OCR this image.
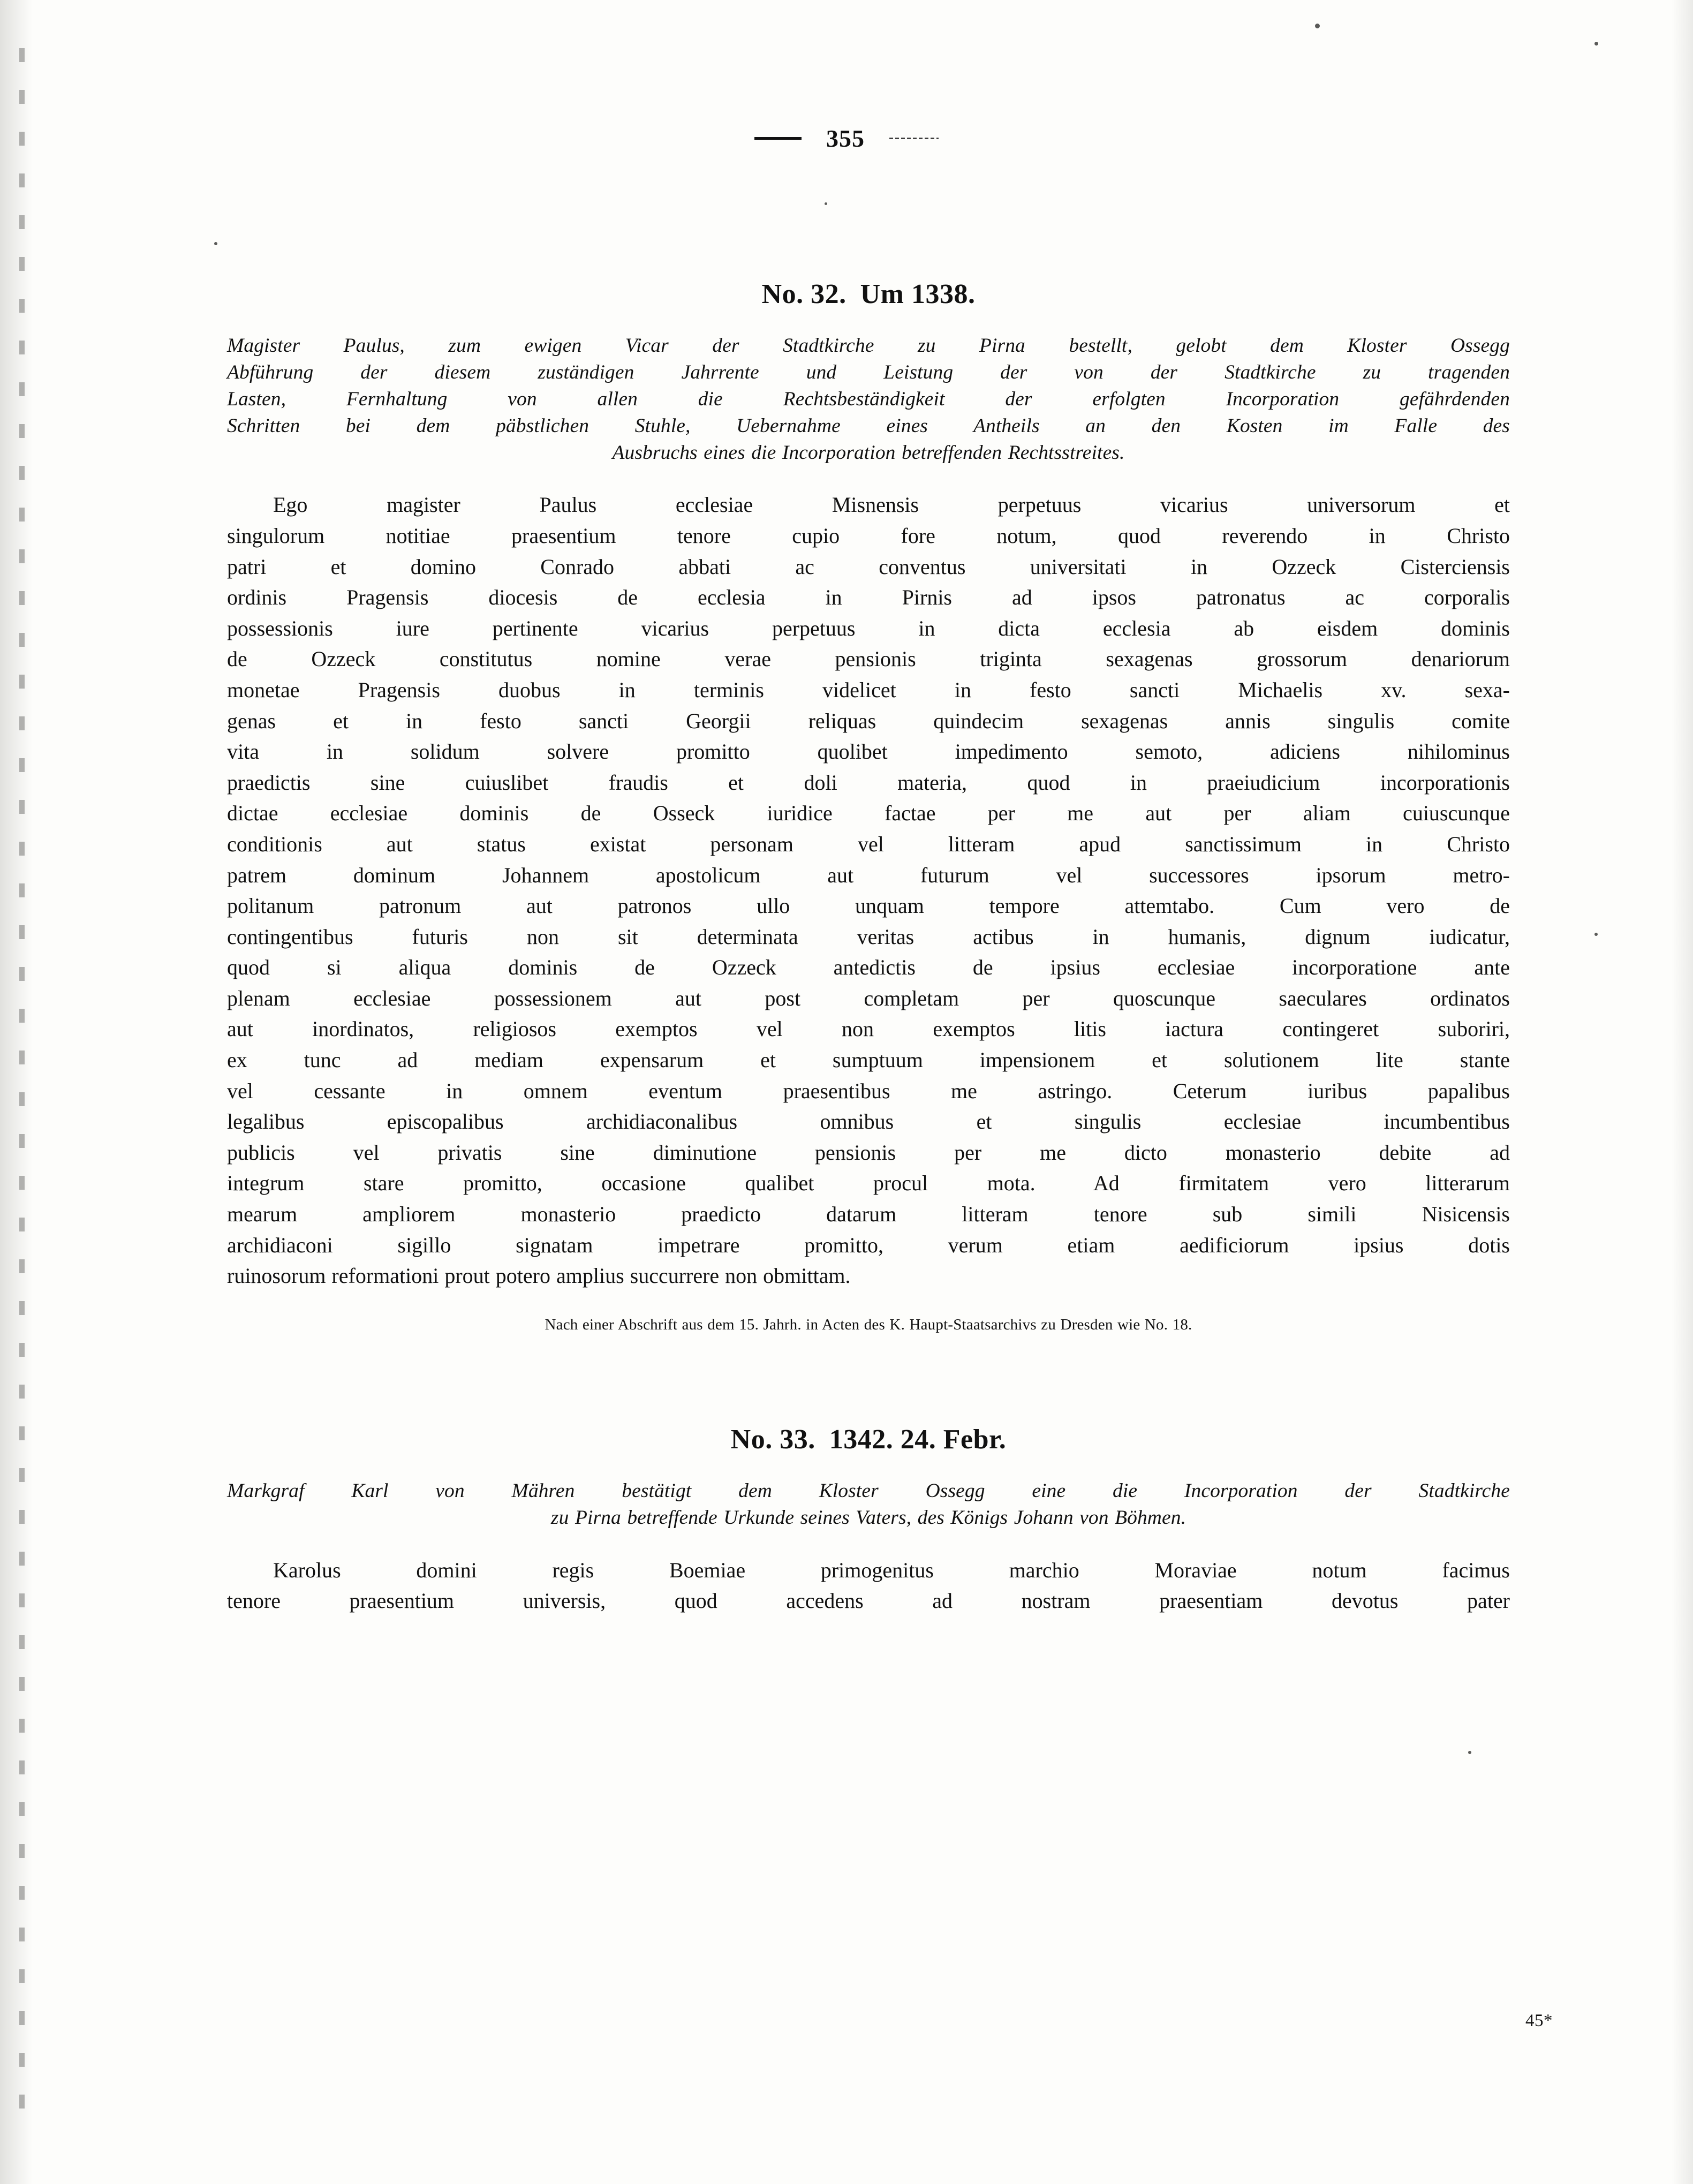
355
No. 32. Um 1338.
Magister Paulus, zum ewigen Vicar der Stadtkirche zu Pirna bestellt, gelobt dem Kloster Ossegg
Abführung der diesem zuständigen Jahrrente und Leistung der von der Stadtkirche zu tragenden
Lasten, Fernhaltung von allen die Rechtsbeständigkeit der erfolgten Incorporation gefährdenden
Schritten bei dem päbstlichen Stuhle, Uebernahme eines Antheils an den Kosten im Falle des
Ausbruchs eines die Incorporation betreffenden Rechtsstreites.
Ego magister Paulus ecclesiae Misnensis perpetuus vicarius universorum et
singulorum notitiae praesentium tenore cupio fore notum, quod reverendo in Christo
patri et domino Conrado abbati ac conventus universitati in Ozzeck Cisterciensis
ordinis Pragensis diocesis de ecclesia in Pirnis ad ipsos patronatus ac corporalis
possessionis iure pertinente vicarius perpetuus in dicta ecclesia ab eisdem dominis
de Ozzeck constitutus nomine verae pensionis triginta sexagenas grossorum denariorum
monetae Pragensis duobus in terminis videlicet in festo sancti Michaelis xv. sexa-
genas et in festo sancti Georgii reliquas quindecim sexagenas annis singulis comite
vita in solidum solvere promitto quolibet impedimento semoto, adiciens nihilominus
praedictis sine cuiuslibet fraudis et doli materia, quod in praeiudicium incorporationis
dictae ecclesiae dominis de Osseck iuridice factae per me aut per aliam cuiuscunque
conditionis aut status existat personam vel litteram apud sanctissimum in Christo
patrem dominum Johannem apostolicum aut futurum vel successores ipsorum metro-
politanum patronum aut patronos ullo unquam tempore attemtabo. Cum vero de
contingentibus futuris non sit determinata veritas actibus in humanis, dignum iudicatur,
quod si aliqua dominis de Ozzeck antedictis de ipsius ecclesiae incorporatione ante
plenam ecclesiae possessionem aut post completam per quoscunque saeculares ordinatos
aut inordinatos, religiosos exemptos vel non exemptos litis iactura contingeret suboriri,
ex tunc ad mediam expensarum et sumptuum impensionem et solutionem lite stante
vel cessante in omnem eventum praesentibus me astringo. Ceterum iuribus papalibus
legalibus episcopalibus archidiaconalibus omnibus et singulis ecclesiae incumbentibus
publicis vel privatis sine diminutione pensionis per me dicto monasterio debite ad
integrum stare promitto, occasione qualibet procul mota. Ad firmitatem vero litterarum
mearum ampliorem monasterio praedicto datarum litteram tenore sub simili Nisicensis
archidiaconi sigillo signatam impetrare promitto, verum etiam aedificiorum ipsius dotis
ruinosorum reformationi prout potero amplius succurrere non obmittam.

Nach einer Abschrift aus dem 15. Jahrh. in Acten des K. Haupt-Staatsarchivs zu Dresden wie No. 18.

No. 33. 1342. 24. Febr.
Markgraf Karl von Mähren bestätigt dem Kloster Ossegg eine die Incorporation der Stadtkirche
zu Pirna betreffende Urkunde seines Vaters, des Königs Johann von Böhmen.
Karolus domini regis Boemiae primogenitus marchio Moraviae notum facimus
tenore praesentium universis, quod accedens ad nostram praesentiam devotus pater
45*
